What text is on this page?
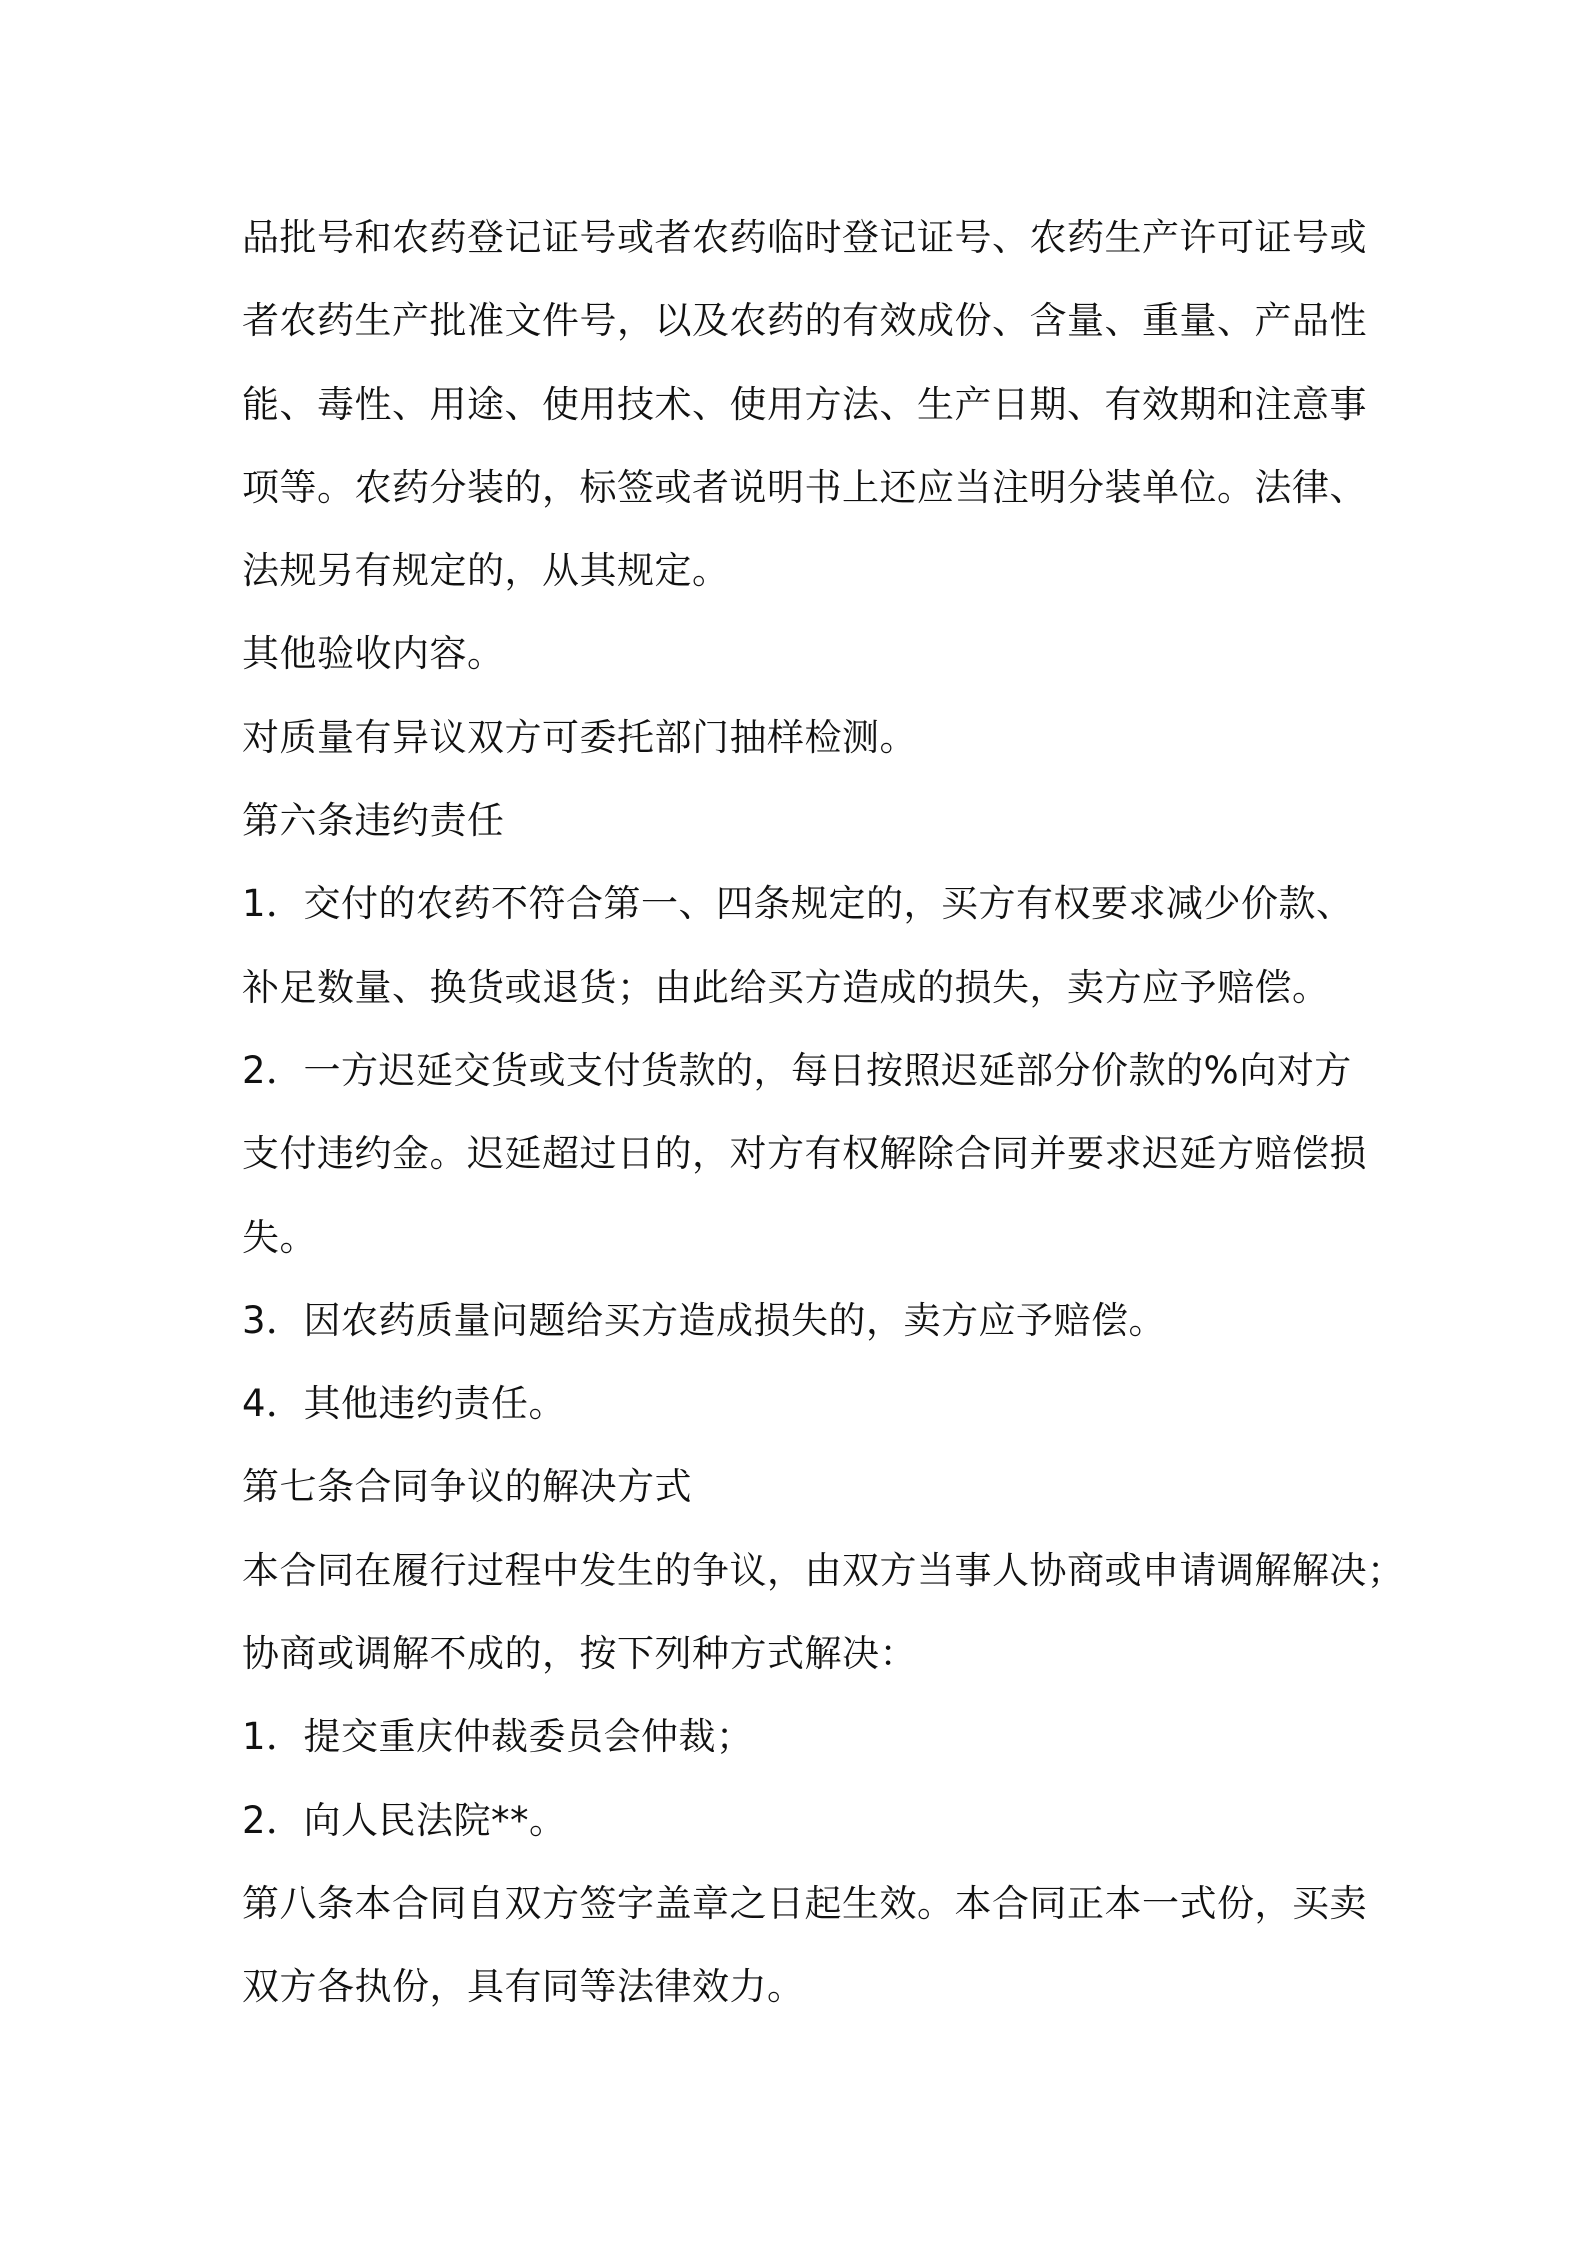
品批号和农药登记证号或者农药临时登记证号、农药生产许可证号或
者农药生产批准文件号，以及农药的有效成份、含量、重量、产品性
能、毒性、用途、使用技术、使用方法、生产日期、有效期和注意事
项等。农药分装的，标签或者说明书上还应当注明分装单位。法律、
法规另有规定的，从其规定。
其他验收内容。
对质量有异议双方可委托部门抽样检测。
第六条违约责任
1．交付的农药不符合第一、四条规定的，买方有权要求减少价款、
补足数量、换货或退货；由此给买方造成的损失，卖方应予赔偿。
2．一方迟延交货或支付货款的，每日按照迟延部分价款的%向对方
支付违约金。迟延超过日的，对方有权解除合同并要求迟延方赔偿损
失。
3．因农药质量问题给买方造成损失的，卖方应予赔偿。
4．其他违约责任。
第七条合同争议的解决方式
本合同在履行过程中发生的争议，由双方当事人协商或申请调解解决；
协商或调解不成的，按下列种方式解决：
1．提交重庆仲裁委员会仲裁；
2．向人民法院**。
第八条本合同自双方签字盖章之日起生效。本合同正本一式份，买卖
双方各执份，具有同等法律效力。
